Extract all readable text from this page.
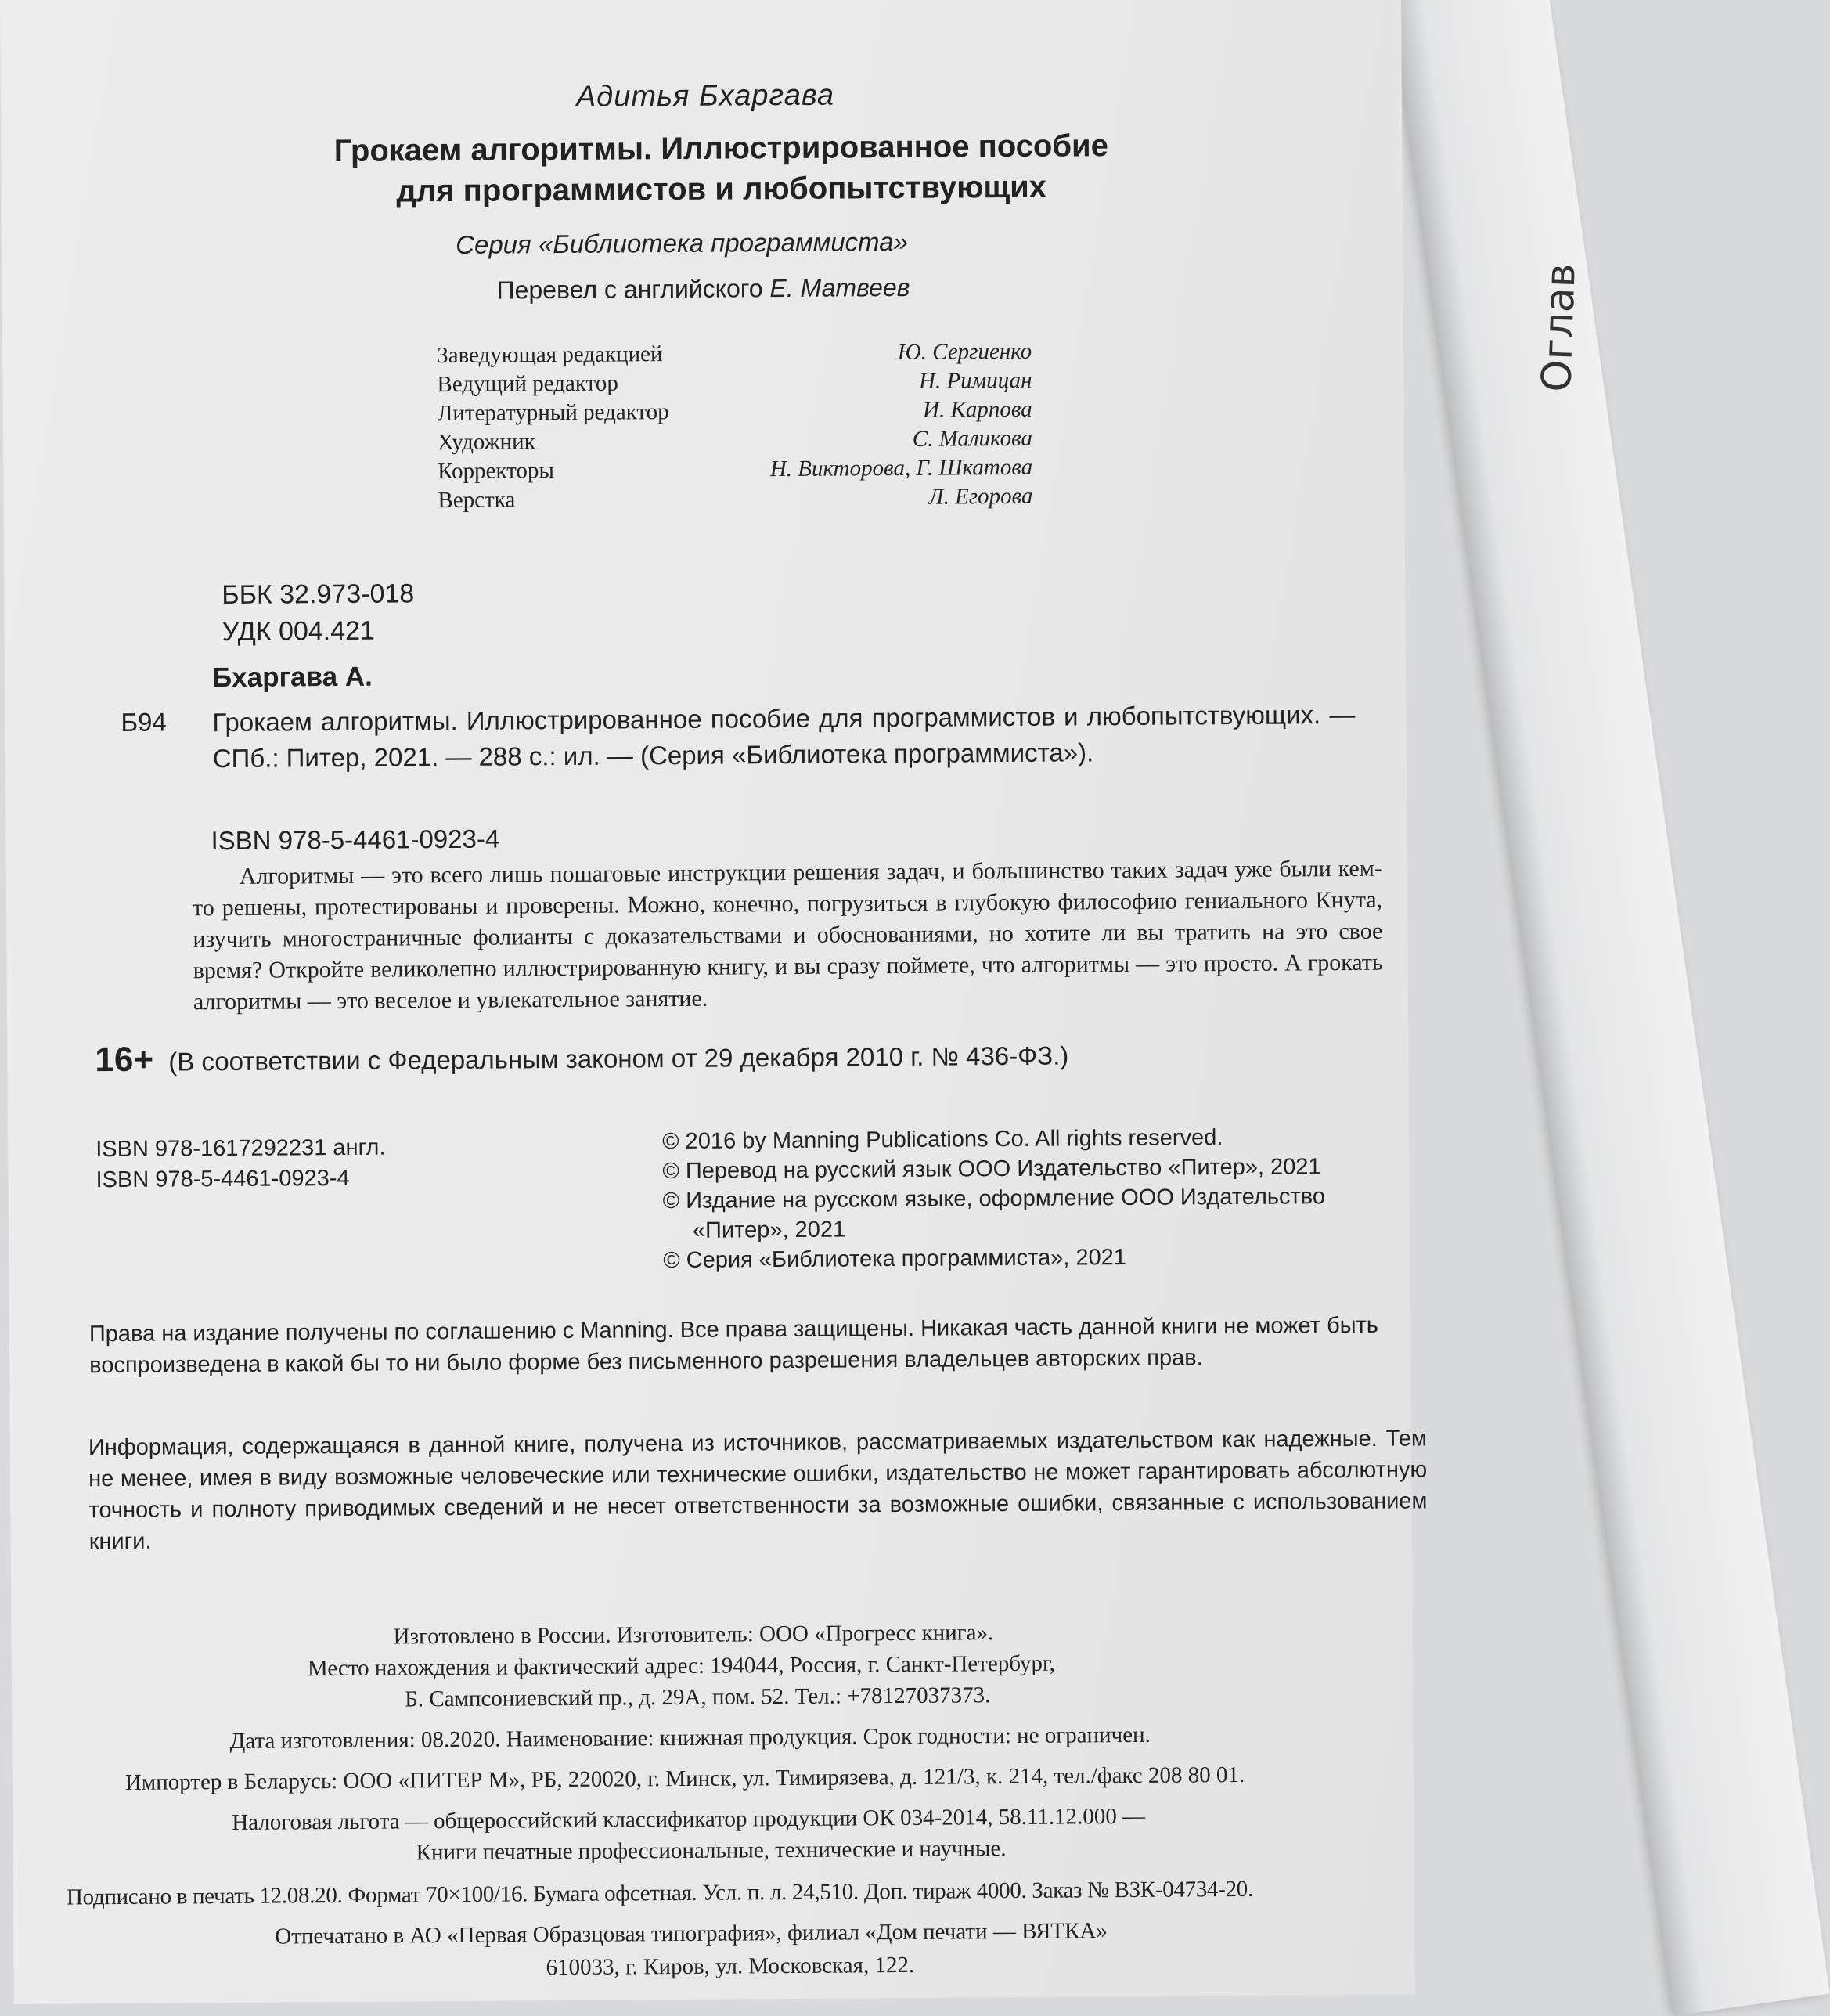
Оглав
Адитья Бхаргава
Грокаем алгоритмы. Иллюстрированное пособие
для программистов и любопытствующих
Серия «Библиотека программиста»
Перевел с английского Е. Матвеев
Заведующая редакцией	Ю. Сергиенко
Ведущий редактор	Н. Римицан
Литературный редактор	И. Карпова
Художник	С. Маликова
Корректоры	Н. Викторова, Г. Шкатова
Верстка	Л. Егорова
ББК 32.973-018
УДК 004.421
Бхаргава А.
Б94 Грокаем алгоритмы. Иллюстрированное пособие для программистов и любопытствующих. — СПб.: Питер, 2021. — 288 с.: ил. — (Серия «Библиотека программиста»).
ISBN 978-5-4461-0923-4
Алгоритмы — это всего лишь пошаговые инструкции решения задач, и большинство таких задач уже были кем-то решены, протестированы и проверены. Можно, конечно, погрузиться в глубокую философию гениального Кнута, изучить многостраничные фолианты с доказательствами и обоснованиями, но хотите ли вы тратить на это свое время? Откройте великолепно иллюстрированную книгу, и вы сразу поймете, что алгоритмы — это просто. А грокать алгоритмы — это веселое и увлекательное занятие.
16+ (В соответствии с Федеральным законом от 29 декабря 2010 г. № 436-ФЗ.)
ISBN 978-1617292231 англ.
ISBN 978-5-4461-0923-4
© 2016 by Manning Publications Co. All rights reserved.
© Перевод на русский язык ООО Издательство «Питер», 2021
© Издание на русском языке, оформление ООО Издательство
«Питер», 2021
© Серия «Библиотека программиста», 2021
Права на издание получены по соглашению с Manning. Все права защищены. Никакая часть данной книги не может быть воспроизведена в какой бы то ни было форме без письменного разрешения владельцев авторских прав.
Информация, содержащаяся в данной книге, получена из источников, рассматриваемых издательством как надежные. Тем не менее, имея в виду возможные человеческие или технические ошибки, издательство не может гарантировать абсолютную точность и полноту приводимых сведений и не несет ответственности за возможные ошибки, связанные с использованием книги.
Изготовлено в России. Изготовитель: ООО «Прогресс книга».
Место нахождения и фактический адрес: 194044, Россия, г. Санкт-Петербург,
Б. Сампсониевский пр., д. 29А, пом. 52. Тел.: +78127037373.
Дата изготовления: 08.2020. Наименование: книжная продукция. Срок годности: не ограничен.
Импортер в Беларусь: ООО «ПИТЕР М», РБ, 220020, г. Минск, ул. Тимирязева, д. 121/3, к. 214, тел./факс 208 80 01.
Налоговая льгота — общероссийский классификатор продукции ОК 034-2014, 58.11.12.000 —
Книги печатные профессиональные, технические и научные.
Подписано в печать 12.08.20. Формат 70×100/16. Бумага офсетная. Усл. п. л. 24,510. Доп. тираж 4000. Заказ № ВЗК-04734-20.
Отпечатано в АО «Первая Образцовая типография», филиал «Дом печати — ВЯТКА»
610033, г. Киров, ул. Московская, 122.
